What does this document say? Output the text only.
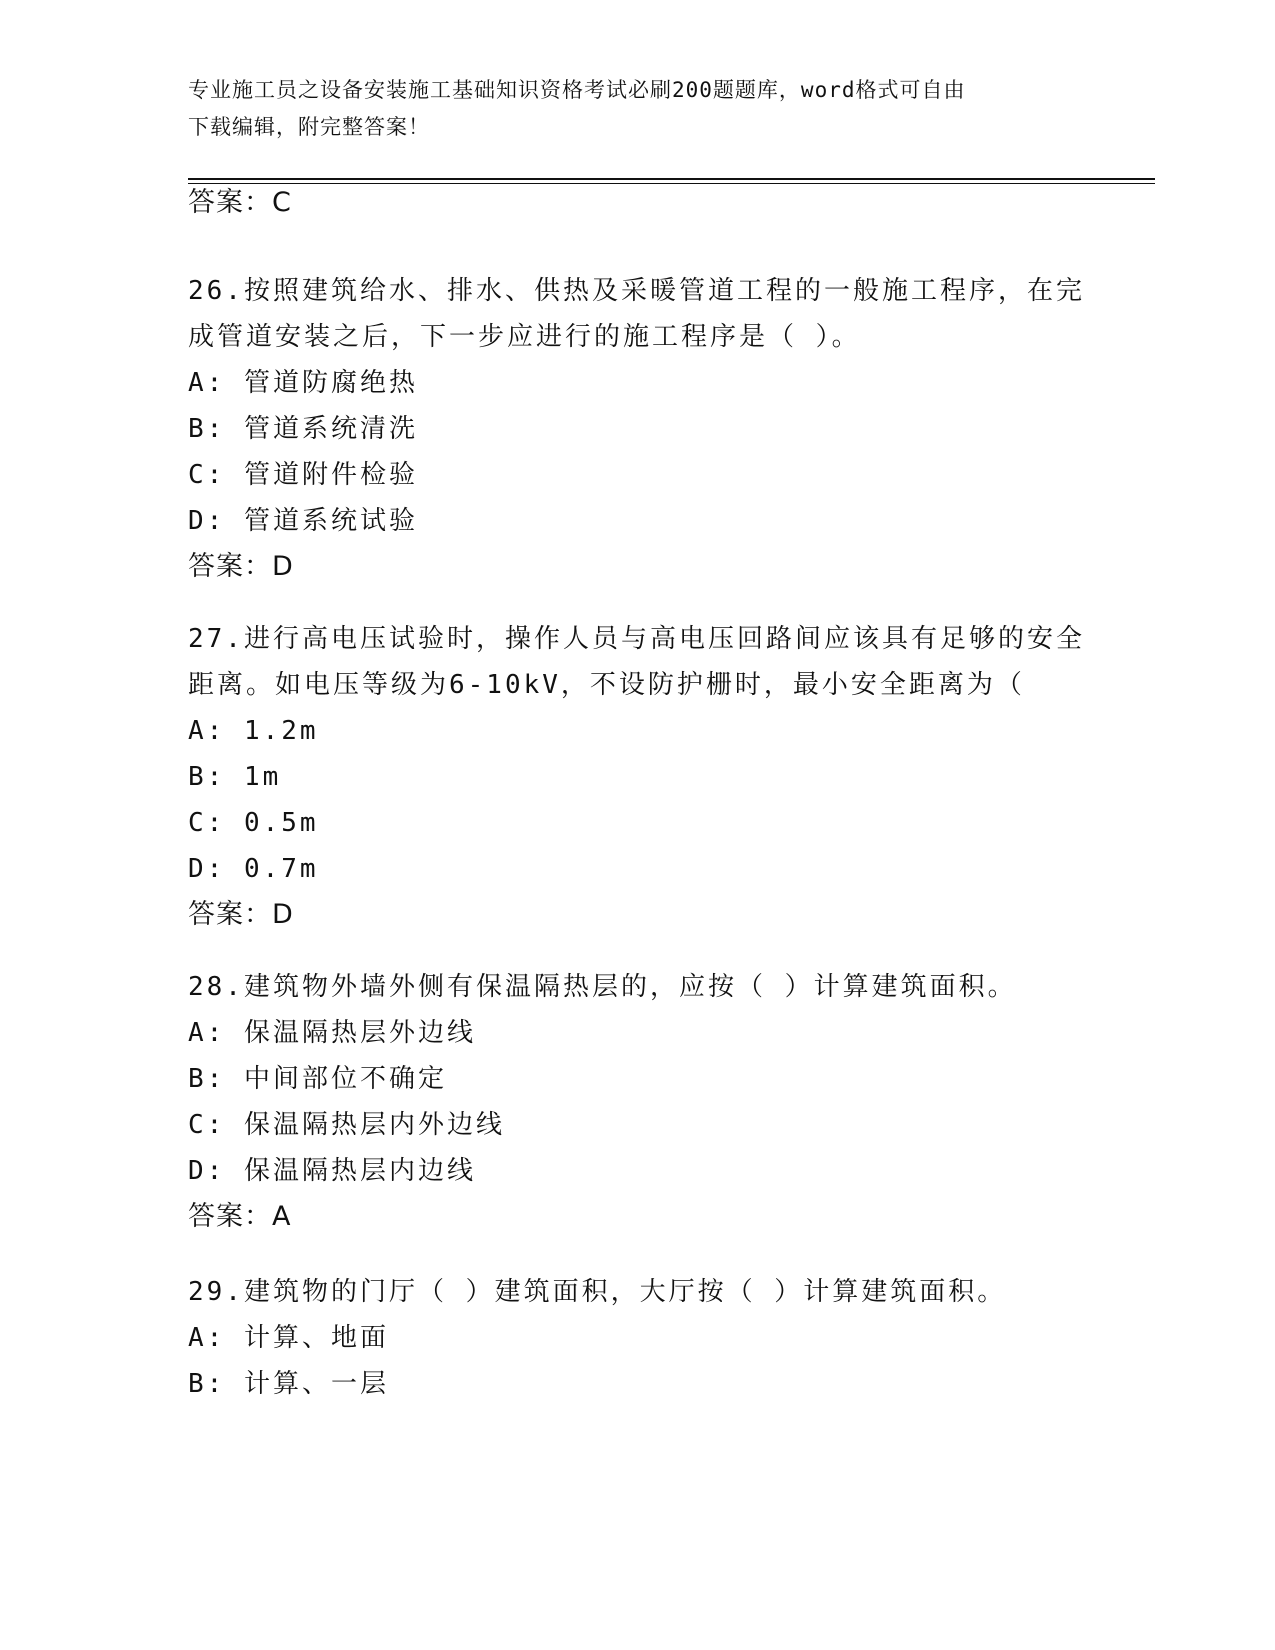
专业施工员之设备安装施工基础知识资格考试必刷200题题库，word格式可自由
下载编辑，附完整答案！
答案：C
26.按照建筑给水、排水、供热及采暖管道工程的一般施工程序，在完
成管道安装之后，下一步应进行的施工程序是（ ）。
A: 管道防腐绝热
B: 管道系统清洗
C: 管道附件检验
D: 管道系统试验
答案：D
27.进行高电压试验时，操作人员与高电压回路间应该具有足够的安全
距离。如电压等级为6-10kV，不设防护栅时，最小安全距离为（
A: 1.2m
B: 1m
C: 0.5m
D: 0.7m
答案：D
28.建筑物外墙外侧有保温隔热层的，应按（ ）计算建筑面积。
A: 保温隔热层外边线
B: 中间部位不确定
C: 保温隔热层内外边线
D: 保温隔热层内边线
答案：A
29.建筑物的门厅（ ）建筑面积，大厅按（ ）计算建筑面积。
A: 计算、地面
B: 计算、一层
